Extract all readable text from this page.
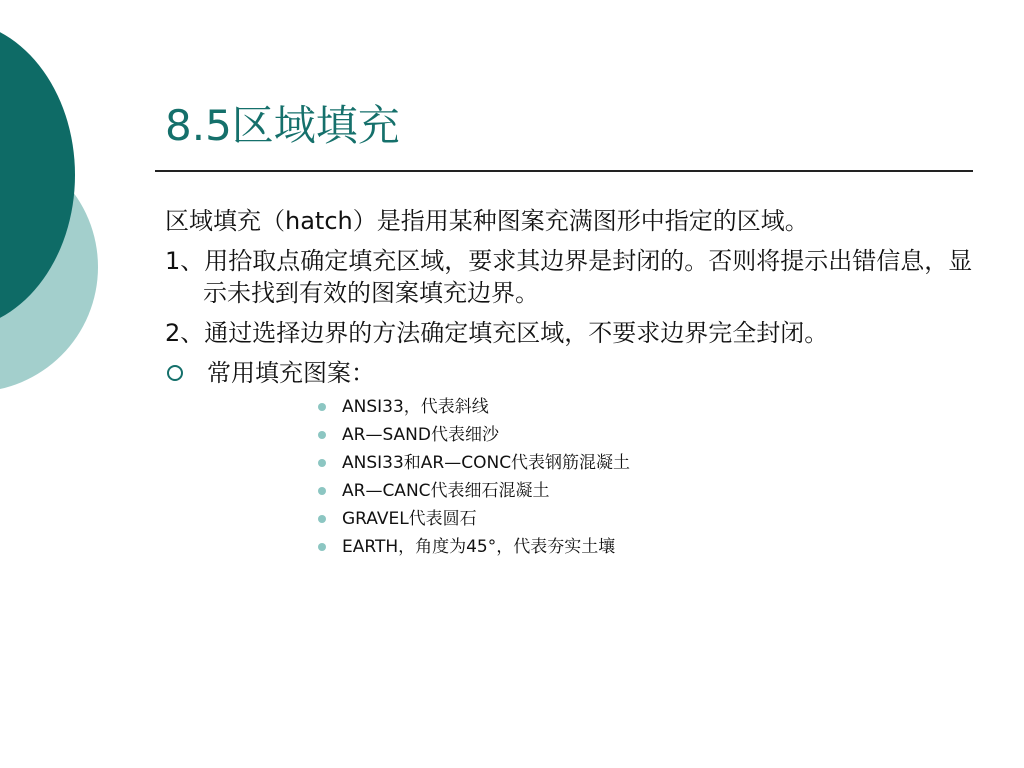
8.5区域填充

区域填充（hatch）是指用某种图案充满图形中指定的区域。

1、用拾取点确定填充区域，要求其边界是封闭的。否则将提示出错信息，显示未找到有效的图案填充边界。

2、通过选择边界的方法确定填充区域，不要求边界完全封闭。

常用填充图案：
ANSI33，代表斜线
AR—SAND代表细沙
ANSI33和AR—CONC代表钢筋混凝土
AR—CANC代表细石混凝土
GRAVEL代表圆石
EARTH，角度为45°，代表夯实土壤
